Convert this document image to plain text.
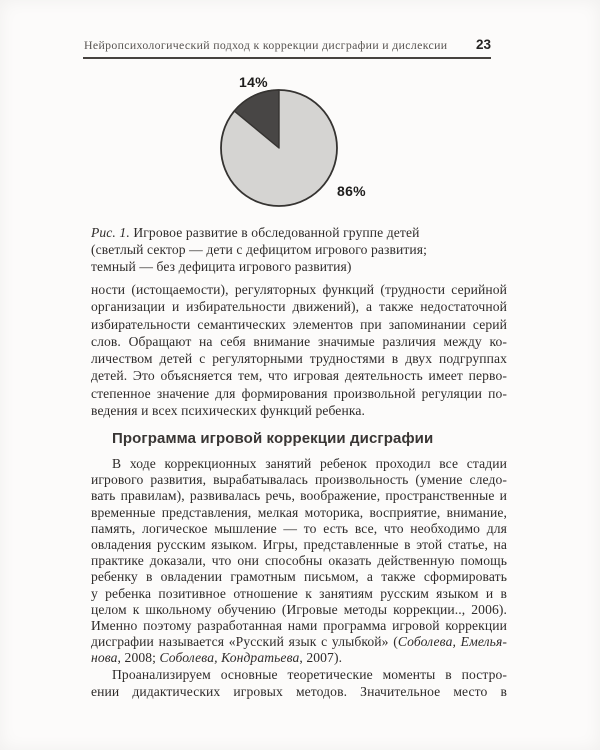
Нейропсихологический подход к коррекции дисграфии и дислексии 23
14%
86%
Рис. 1. Игровое развитие в обследованной группе детей
(светлый сектор — дети с дефицитом игрового развития;
темный — без дефицита игрового развития)
ности (истощаемости), регуляторных функций (трудности серийной
организации и избирательности движений), а также недостаточной
избирательности семантических элементов при запоминании серий
слов. Обращают на себя внимание значимые различия между ко-
личеством детей с регуляторными трудностями в двух подгруппах
детей. Это объясняется тем, что игровая деятельность имеет перво-
степенное значение для формирования произвольной регуляции по-
ведения и всех психических функций ребенка.
Программа игровой коррекции дисграфии
В ходе коррекционных занятий ребенок проходил все стадии
игрового развития, вырабатывалась произвольность (умение следо-
вать правилам), развивалась речь, воображение, пространственные и
временные представления, мелкая моторика, восприятие, внимание,
память, логическое мышление — то есть все, что необходимо для
овладения русским языком. Игры, представленные в этой статье, на
практике доказали, что они способны оказать действенную помощь
ребенку в овладении грамотным письмом, а также сформировать
у ребенка позитивное отношение к занятиям русским языком и в
целом к школьному обучению (Игровые методы коррекции.., 2006).
Именно поэтому разработанная нами программа игровой коррекции
дисграфии называется «Русский язык с улыбкой» (Соболева, Емелья-
нова, 2008; Соболева, Кондратьева, 2007).
Проанализируем основные теоретические моменты в постро-
ении дидактических игровых методов. Значительное место в
